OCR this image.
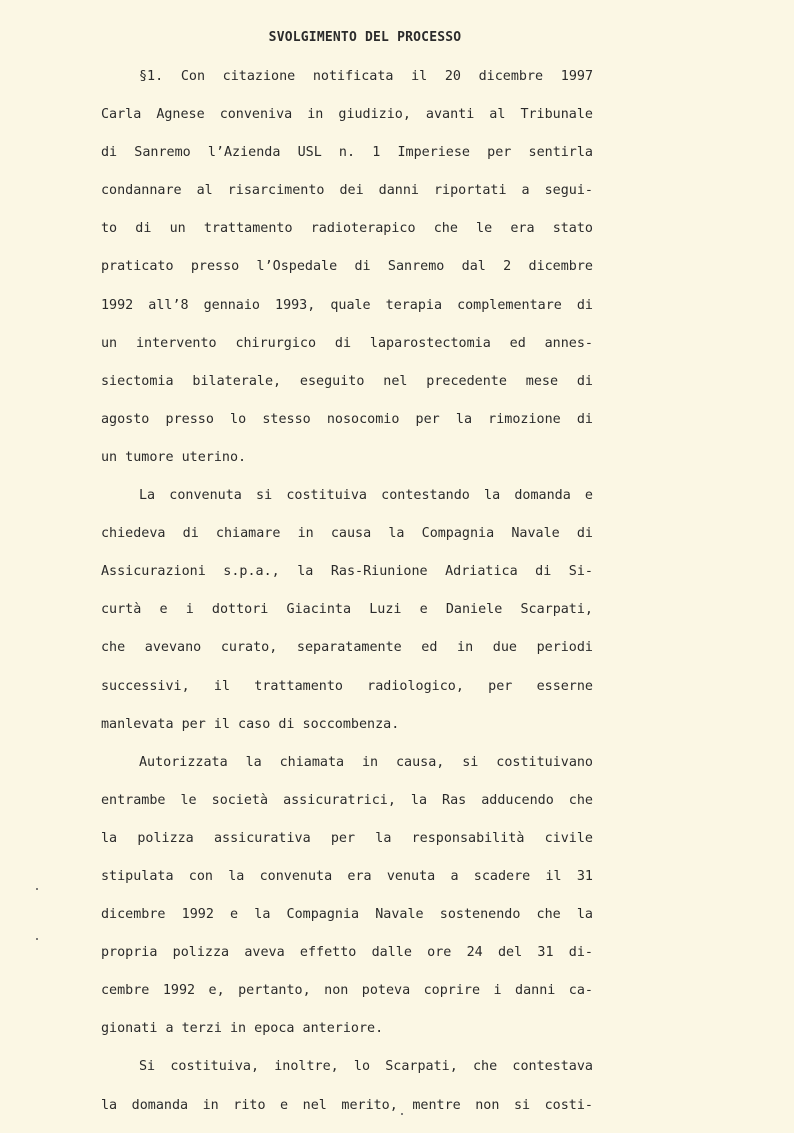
SVOLGIMENTO DEL PROCESSO
§1. Con citazione notificata il 20 dicembre 1997
Carla Agnese conveniva in giudizio, avanti al Tribunale
di Sanremo l’Azienda USL n. 1 Imperiese per sentirla
condannare al risarcimento dei danni riportati a segui-
to di un trattamento radioterapico che le era stato
praticato presso l’Ospedale di Sanremo dal 2 dicembre
1992 all’8 gennaio 1993, quale terapia complementare di
un intervento chirurgico di laparostectomia ed annes-
siectomia bilaterale, eseguito nel precedente mese di
agosto presso lo stesso nosocomio per la rimozione di
un tumore uterino.
La convenuta si costituiva contestando la domanda e
chiedeva di chiamare in causa la Compagnia Navale di
Assicurazioni s.p.a., la Ras-Riunione Adriatica di Si-
curtà e i dottori Giacinta Luzi e Daniele Scarpati,
che avevano curato, separatamente ed in due periodi
successivi, il trattamento radiologico, per esserne
manlevata per il caso di soccombenza.
Autorizzata la chiamata in causa, si costituivano
entrambe le società assicuratrici, la Ras adducendo che
la polizza assicurativa per la responsabilità civile
stipulata con la convenuta era venuta a scadere il 31
dicembre 1992 e la Compagnia Navale sostenendo che la
propria polizza aveva effetto dalle ore 24 del 31 di-
cembre 1992 e, pertanto, non poteva coprire i danni ca-
gionati a terzi in epoca anteriore.
Si costituiva, inoltre, lo Scarpati, che contestava
la domanda in rito e nel merito, mentre non si costi-
